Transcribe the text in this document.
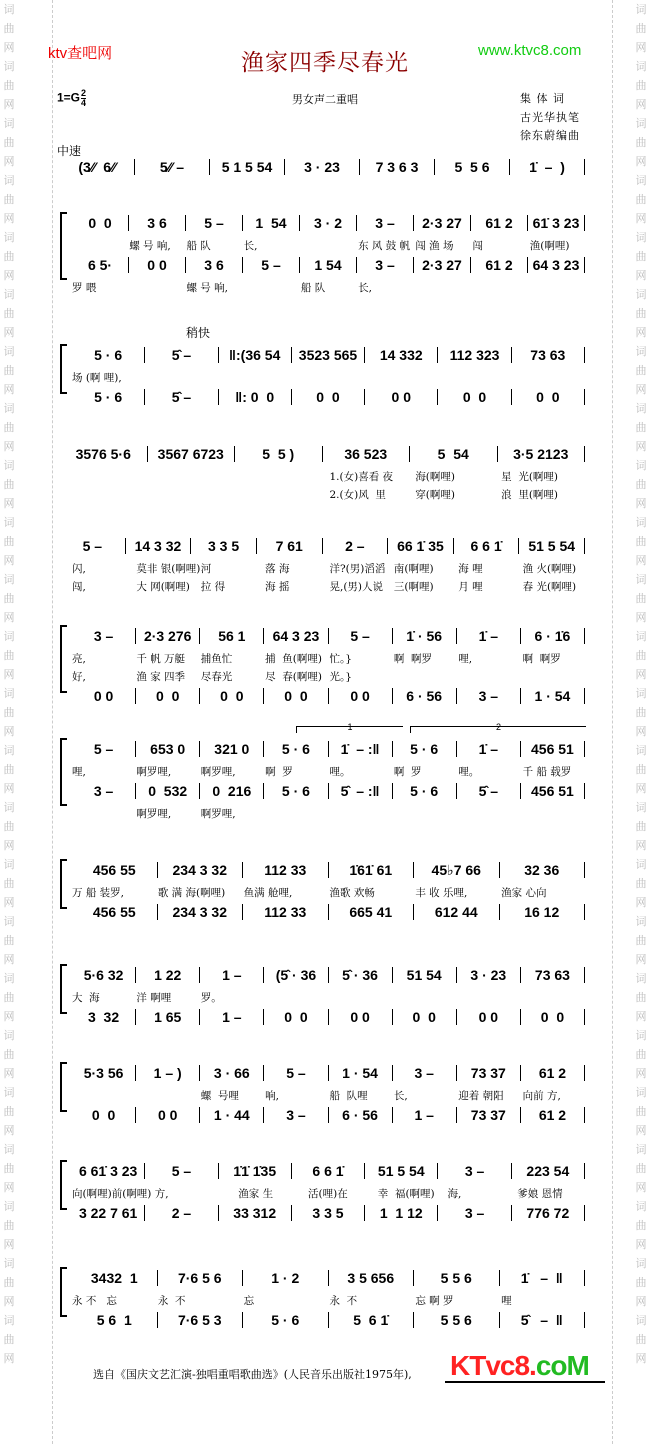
词曲网词曲网词曲网词曲网词曲网词曲网词曲网词曲网词曲网词曲网词曲网词曲网词曲网词曲网词曲网词曲网词曲网词曲网词曲网词曲网词曲网词曲网词曲网词曲网
词曲网词曲网词曲网词曲网词曲网词曲网词曲网词曲网词曲网词曲网词曲网词曲网词曲网词曲网词曲网词曲网词曲网词曲网词曲网词曲网词曲网词曲网词曲网词曲网
ktv查吧网	渔家四季尽春光	www.ktvc8.com
$1=G \frac{2}{4}$	男女声二重唱	集 体 词
古光华执笔
徐东蔚编曲
中速
(3⁄⁄  6⁄⁄	5⁄⁄ –	5 1 5 54	3 · 23	7 3 6 3	5  5 6	1̇  –  )
0  0	3 6	5 –	1  54	3 · 2	3 –	2·3 27	61 2	61̇ 3 23
螺 号 响,	船 队	长,	东 风 鼓 帆 闯 渔 场	闯	渔(啊哩)
6 5·	0 0	3 6	5 –	1 54	3 –	2·3 27	61 2	64 3 23
罗 喂	螺 号 响,	船 队	长,
稍快
5 · 6	5̂ –	‖:(36 54	3523 565	14 332	112 323	73 63
场 (啊 哩),
5 · 6	5̂ –	‖: 0  0	0  0	0 0	0  0	0  0
3576 5·6	3567 6723	5  5 )	36 523	5  54	3·5 2123
1.(女)喜看 夜	海(啊哩)	星  光(啊哩)
2.(女)风  里	穿(啊哩)	浪  里(啊哩)
5 –	14 3 32	3 3 5	7 61	2 –	66 1̇ 35	6 6 1̇	51 5 54
闪,	莫非 银(啊哩) 河	落 海	洋?(男)滔滔 南(啊哩)	海 哩	渔 火(啊哩)
闯,	大 网(啊哩)	拉 得	海 摇	晃,(男)人说	三(啊哩)	月 哩	春 光(啊哩)
3 –	2·3 276	56 1	64 3 23	5 –	1̇ · 56	1̇ –	6 · 1̇6
亮,	千 帆 万艇	捕鱼忙	捕  鱼(啊哩) 忙。}	啊  啊罗	哩,	啊  啊罗
好,	渔 家 四季	尽春光	尽  春(啊哩) 光。}
0 0	0  0	0  0	0  0	0 0	6 · 56	3 –	1 · 54
1	2
5 –	653 0	321 0	5 · 6	1̇  – :‖	5 · 6	1̇ –	456 51
哩,	啊罗哩,	啊罗哩,	啊  罗	哩。	啊  罗	哩。	千 船 载罗
3 –	0  532	0  216	5 · 6	5̂  – :‖	5 · 6	5̂ –	456 51
啊罗哩,	啊罗哩,
456 55	234 3 32	112 33	1̇61̇ 61	45♭7 66	32 36
万 船 装罗,	歌 满 海(啊哩)	鱼满 舱哩,	渔歌 欢畅	丰 收 乐哩,	渔家 心向
456 55	234 3 32	112 33	665 41	612 44	16 12
5·6 32	1 22	1 –	(5̂ · 36	5̂ · 36	51 54	3 · 23	73 63
大  海	洋 啊哩	罗。
3  32	1 65	1 –	0  0	0 0	0  0	0 0	0  0
5·3 56	1 – )	3 · 66	5 –	1 · 54	3 –	73 37	61 2
螺  号哩	响,	船  队哩	长,	迎着 朝阳	向前 方,
0  0	0 0	1 · 44	3 –	6 · 56	1 –	73 37	61 2
6 61̇ 3 23	5 –	1̇1̇ 1̇35	6 6 1̇	51 5 54	3 –	223 54
向(啊哩)前(啊哩) 方,	渔家 生	活(哩)在	幸  福(啊哩)	海,	爹娘 恩情
3 22 7 61	2 –	33 312	3 3 5	1  1 12	3 –	776 72
3432  1	7·6 5 6	1 · 2	3 5 656	5 5 6	1̇   –  ‖
永 不   忘	永  不	忘	永  不	忘 啊 罗	哩
5 6  1	7·6 5 3	5 · 6	5  6 1̇	5 5 6	5̂   –  ‖
选自《国庆文艺汇演-独唱重唱歌曲选》(人民音乐出版社1975年), KTvc8.coM
